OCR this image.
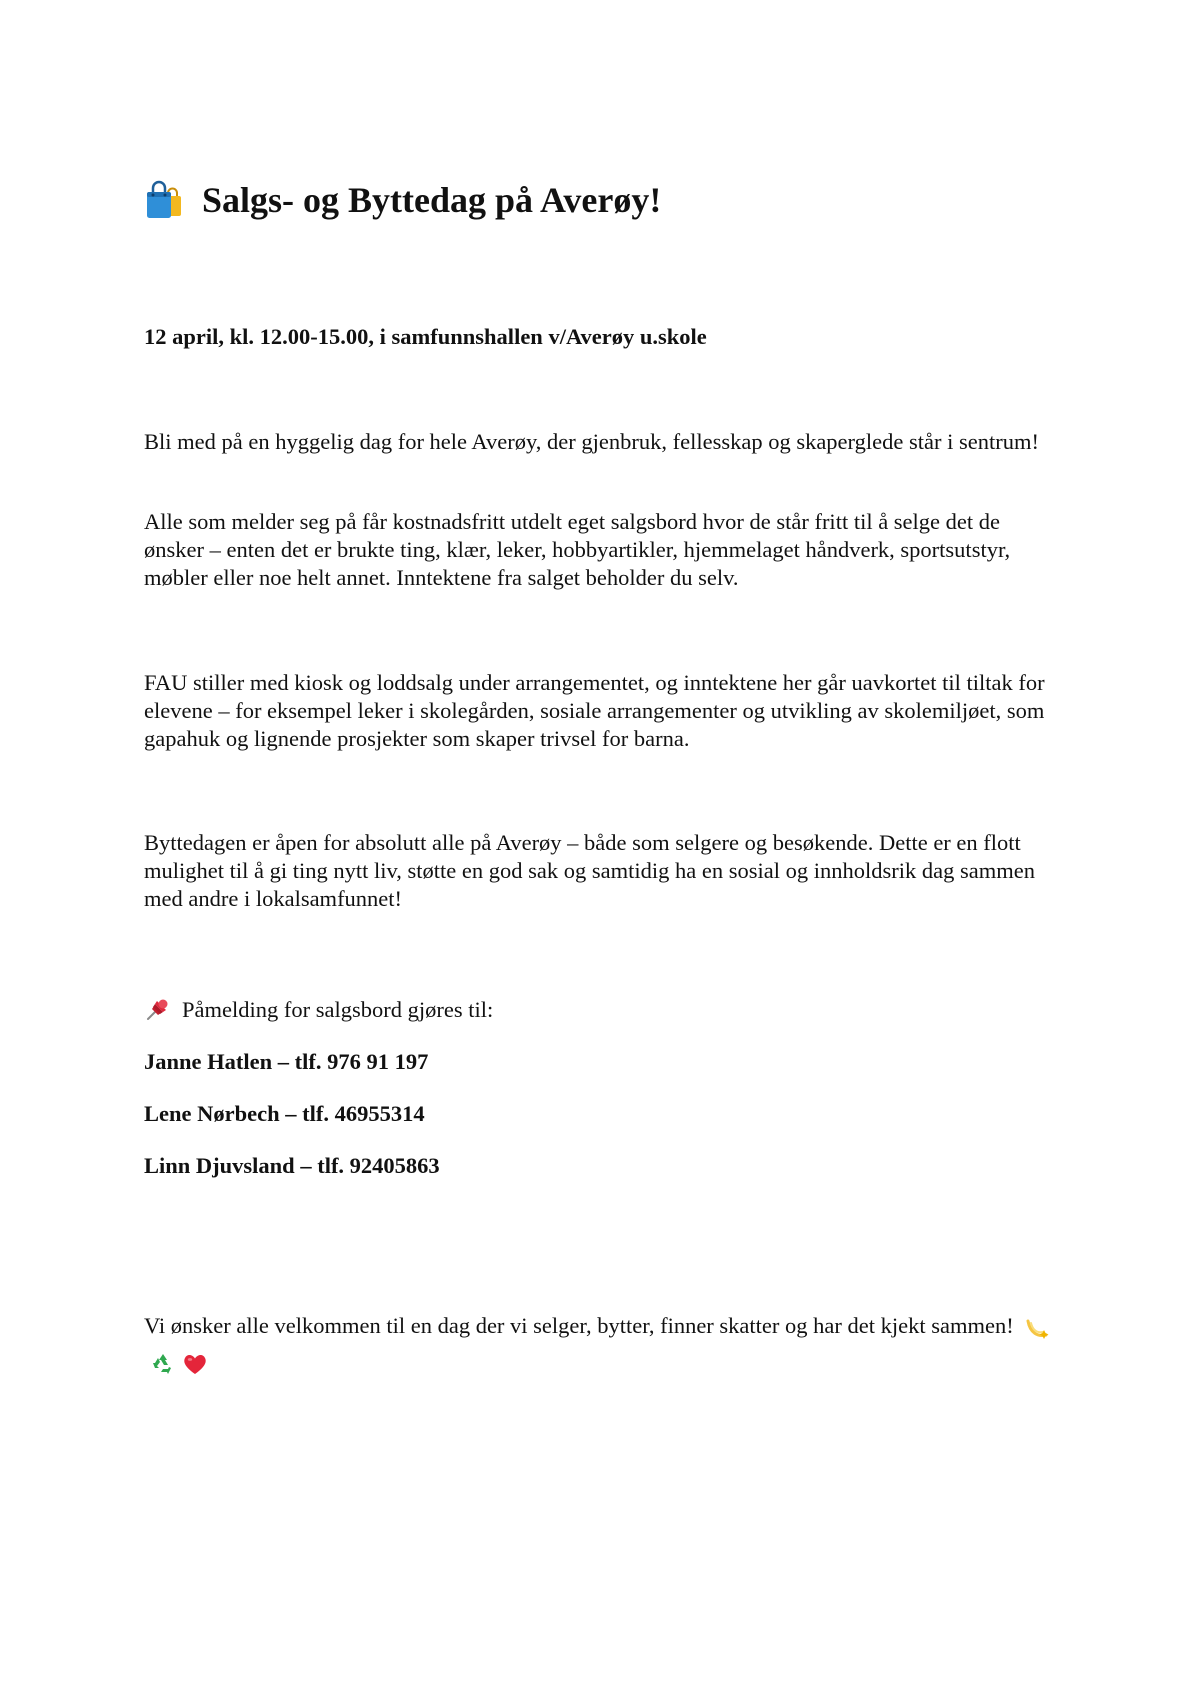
Salgs- og Byttedag på Averøy!
12 april, kl. 12.00-15.00, i samfunnshallen v/Averøy u.skole

Bli med på en hyggelig dag for hele Averøy, der gjenbruk, fellesskap og skaperglede står i sentrum!

Alle som melder seg på får kostnadsfritt utdelt eget salgsbord hvor de står fritt til å selge det de ønsker – enten det er brukte ting, klær, leker, hobbyartikler, hjemmelaget håndverk, sportsutstyr, møbler eller noe helt annet. Inntektene fra salget beholder du selv.

FAU stiller med kiosk og loddsalg under arrangementet, og inntektene her går uavkortet til tiltak for elevene – for eksempel leker i skolegården, sosiale arrangementer og utvikling av skolemiljøet, som gapahuk og lignende prosjekter som skaper trivsel for barna.

Byttedagen er åpen for absolutt alle på Averøy – både som selgere og besøkende. Dette er en flott mulighet til å gi ting nytt liv, støtte en god sak og samtidig ha en sosial og innholdsrik dag sammen med andre i lokalsamfunnet!

Påmelding for salgsbord gjøres til:
Janne Hatlen – tlf. 976 91 197
Lene Nørbech – tlf. 46955314
Linn Djuvsland – tlf. 92405863
Vi ønsker alle velkommen til en dag der vi selger, bytter, finner skatter og har det kjekt sammen!
